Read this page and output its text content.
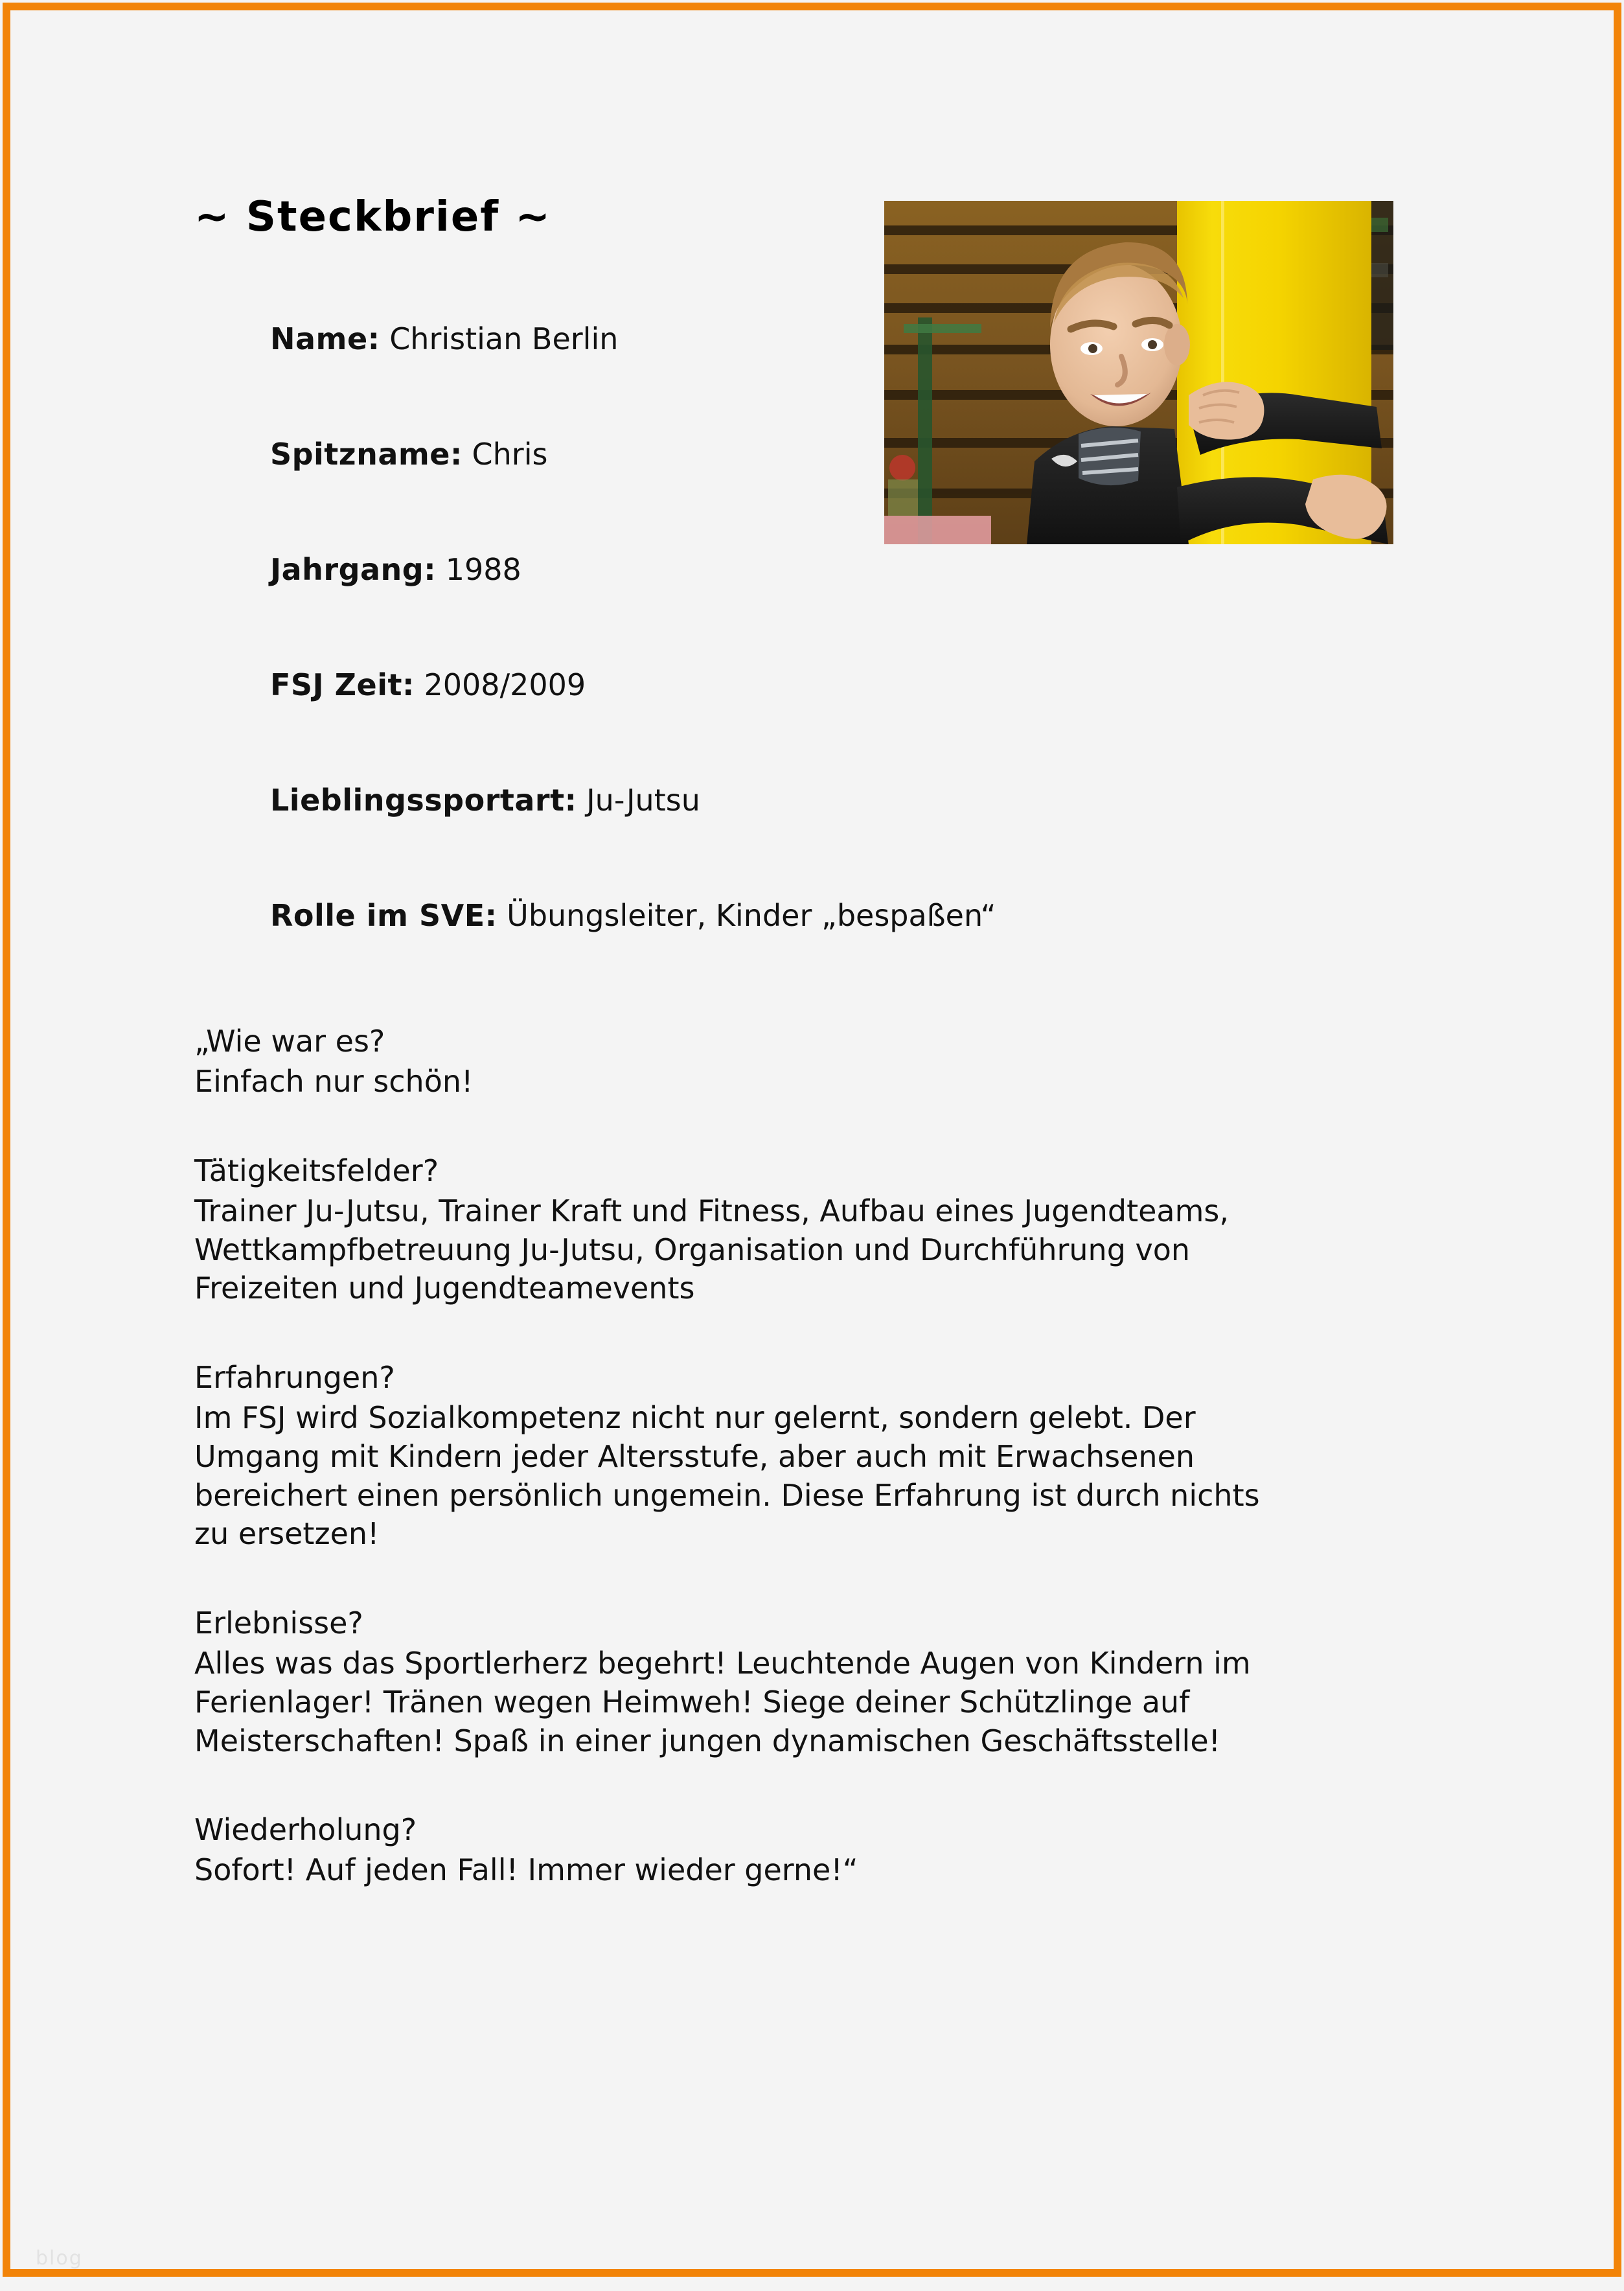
~ Steckbrief ~

Name: Christian Berlin

Spitzname: Chris

Jahrgang: 1988

FSJ Zeit: 2008/2009

Lieblingssportart: Ju-Jutsu

Rolle im SVE: Übungsleiter, Kinder „bespaßen“

„Wie war es?

Einfach nur schön!

Tätigkeitsfelder?

Trainer Ju-Jutsu, Trainer Kraft und Fitness, Aufbau eines Jugendteams, Wettkampfbetreuung Ju-Jutsu, Organisation und Durchführung von Freizeiten und Jugendteamevents

Erfahrungen?

Im FSJ wird Sozialkompetenz nicht nur gelernt, sondern gelebt. Der Umgang mit Kindern jeder Altersstufe, aber auch mit Erwachsenen bereichert einen persönlich ungemein. Diese Erfahrung ist durch nichts zu ersetzen!

Erlebnisse?

Alles was das Sportlerherz begehrt! Leuchtende Augen von Kindern im Ferienlager! Tränen wegen Heimweh! Siege deiner Schützlinge auf Meisterschaften! Spaß in einer jungen dynamischen Geschäftsstelle!

Wiederholung?

Sofort! Auf jeden Fall! Immer wieder gerne!“

blog
